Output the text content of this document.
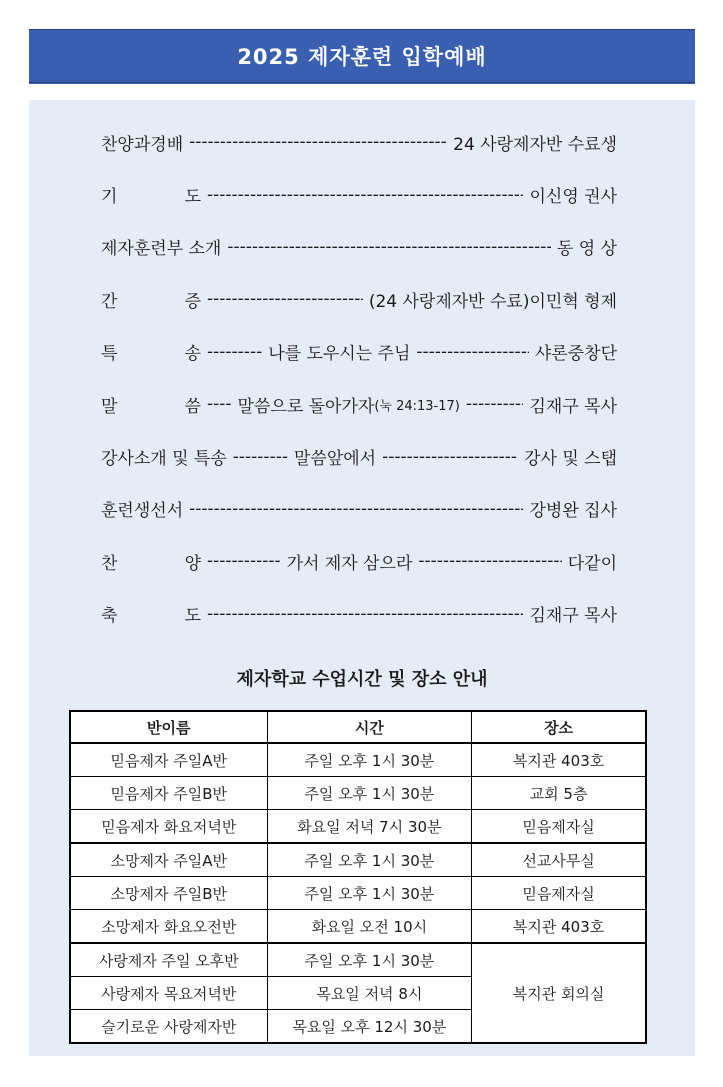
2025 제자훈련 입학예배
찬양과경배 -----	24 사랑제자반 수료생
기	도 -----	이신영 권사
제자훈련부 소개 -----	동 영 상
간	증 -----	(24 사랑제자반 수료)이민혁 형제
특	송 -----	나를 도우시는 주님 -----	샤론중창단
말	씀 ---- 말씀으로 돌아가자 (눅 24:13-17) -----	김재구 목사
강사소개 및 특송 -----	말씀앞에서 -----	강사 및 스탭
훈련생선서 -----	강병완 집사
찬	양 -----	가서 제자 삼으라 -----	다같이
축	도 -----	김재구 목사
제자학교 수업시간 및 장소 안내
반이름	시간	장소
믿음제자 주일A반	주일 오후 1시 30분	복지관 403호
믿음제자 주일B반	주일 오후 1시 30분	교회 5층
믿음제자 화요저녁반	화요일 저녁 7시 30분	믿음제자실
소망제자 주일A반	주일 오후 1시 30분	선교사무실
소망제자 주일B반	주일 오후 1시 30분	믿음제자실
소망제자 화요오전반	화요일 오전 10시	복지관 403호
사랑제자 주일 오후반	주일 오후 1시 30분	복지관 회의실
사랑제자 목요저녁반	목요일 저녁 8시	
슬기로운 사랑제자반	목요일 오후 12시 30분	
